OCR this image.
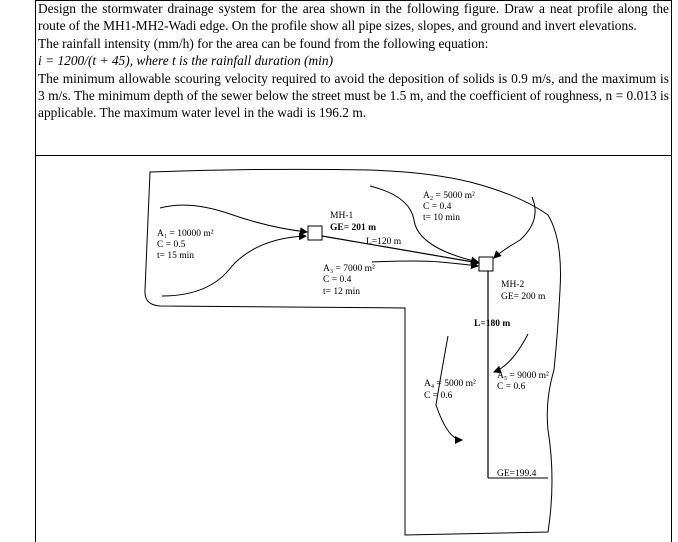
Design the stormwater drainage system for the area shown in the following figure. Draw a neat profile along the route of the MH1-MH2-Wadi edge. On the profile show all pipe sizes, slopes, and ground and invert elevations.

The rainfall intensity (mm/h) for the area can be found from the following equation:

i = 1200/(t + 45), where t is the rainfall duration (min)

The minimum allowable scouring velocity required to avoid the deposition of solids is 0.9 m/s, and the maximum is 3 m/s. The minimum depth of the sewer below the street must be 1.5 m, and the coefficient of roughness, n = 0.013 is applicable. The maximum water level in the wadi is 196.2 m.

A₁ = 10000 m²
C = 0.5
t= 15 min
A₂ = 5000 m²
C = 0.4
t= 10 min
A₃ = 7000 m²
C = 0.4
t= 12 min
A₄ = 5000 m²
C = 0.6
A₅ = 9000 m²
C = 0.6
MH-1
GE= 201 m
L=120 m
MH-2
GE= 200 m
L=180 m
GE=199.4
